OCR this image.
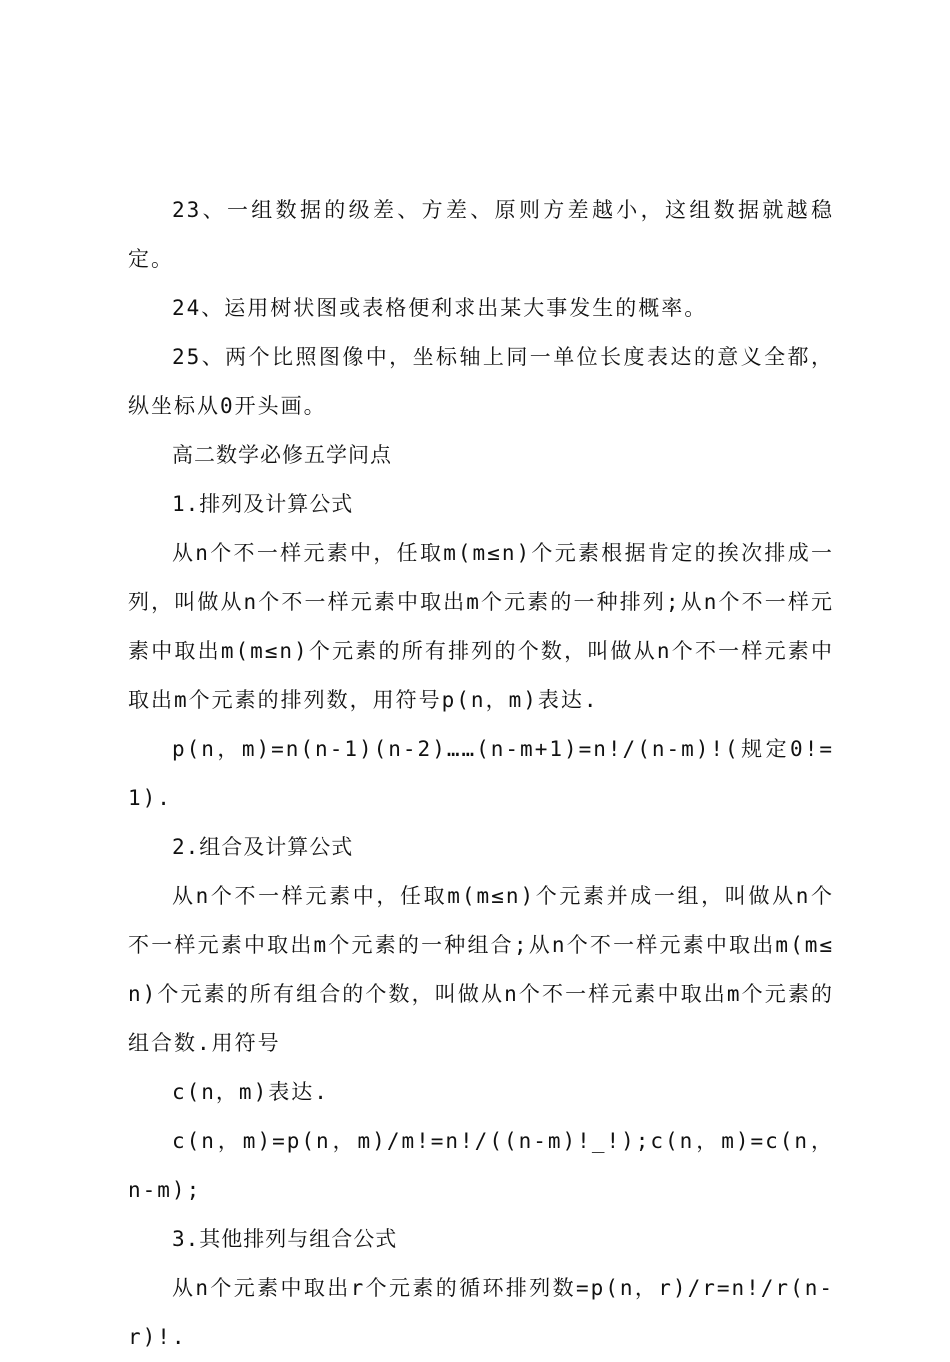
23、一组数据的级差、方差、原则方差越小，这组数据就越稳定。

24、运用树状图或表格便利求出某大事发生的概率。

25、两个比照图像中，坐标轴上同一单位长度表达的意义全都，纵坐标从0开头画。

高二数学必修五学问点

1.排列及计算公式

从n个不一样元素中，任取m(m≤n)个元素根据肯定的挨次排成一列，叫做从n个不一样元素中取出m个元素的一种排列;从n个不一样元素中取出m(m≤n)个元素的所有排列的个数，叫做从n个不一样元素中取出m个元素的排列数，用符号p(n，m)表达.

p(n，m)=n(n-1)(n-2)……(n-m+1)=n!/(n-m)!(规定0!=1).

2.组合及计算公式

从n个不一样元素中，任取m(m≤n)个元素并成一组，叫做从n个不一样元素中取出m个元素的一种组合;从n个不一样元素中取出m(m≤n)个元素的所有组合的个数，叫做从n个不一样元素中取出m个元素的组合数.用符号

c(n，m)表达.

c(n，m)=p(n，m)/m!=n!/((n-m)!_!);c(n，m)=c(n，n-m);

3.其他排列与组合公式

从n个元素中取出r个元素的循环排列数=p(n，r)/r=n!/r(n-r)!.
